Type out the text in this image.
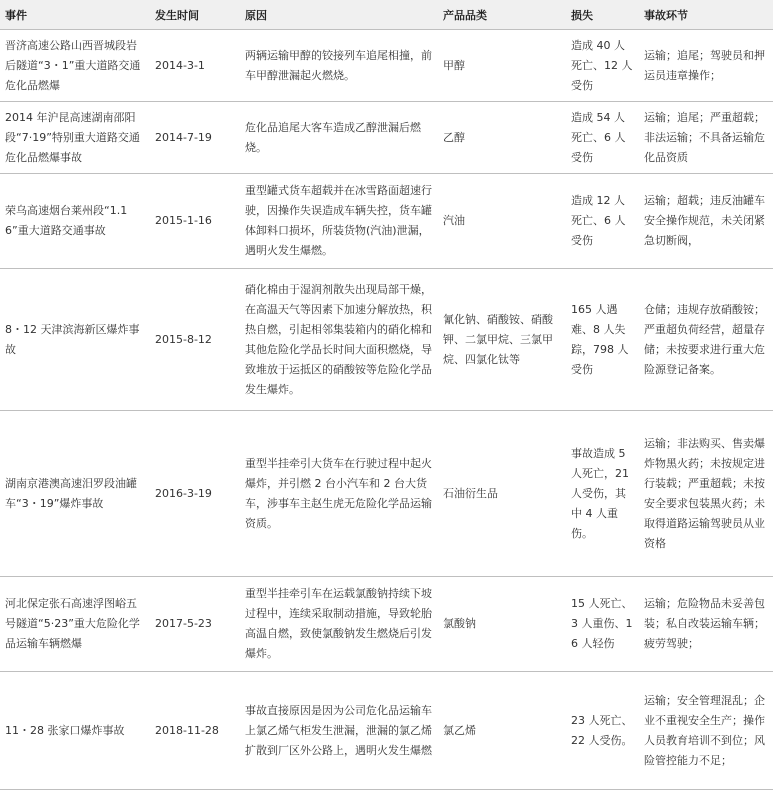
事件	发生时间	原因	产品品类	损失	事故环节
晋济高速公路山西晋城段岩后隧道“3・1”重大道路交通危化品燃爆	2014-3-1	两辆运输甲醇的铰接列车追尾相撞，前车甲醇泄漏起火燃烧。	甲醇	造成 40 人死亡、12 人受伤	运输；追尾；驾驶员和押运员违章操作；
2014 年沪昆高速湖南邵阳段“7·19”特别重大道路交通危化品燃爆事故	2014-7-19	危化品追尾大客车造成乙醇泄漏后燃烧。	乙醇	造成 54 人死亡、6 人受伤	运输；追尾；严重超载；非法运输；不具备运输危化品资质
荣乌高速烟台莱州段“1.16”重大道路交通事故	2015-1-16	重型罐式货车超载并在冰雪路面超速行驶，因操作失误造成车辆失控，货车罐体卸料口损坏，所装货物(汽油)泄漏，遇明火发生爆燃。	汽油	造成 12 人死亡、6 人受伤	运输；超载；违反油罐车安全操作规范，未关闭紧急切断阀，
8・12 天津滨海新区爆炸事故	2015-8-12	硝化棉由于湿润剂散失出现局部干燥，在高温天气等因素下加速分解放热，积热自燃，引起相邻集装箱内的硝化棉和其他危险化学品长时间大面积燃烧，导致堆放于运抵区的硝酸铵等危险化学品发生爆炸。	氰化钠、硝酸铵、硝酸钾、二氯甲烷、三氯甲烷、四氯化钛等	165 人遇难、8 人失踪，798 人受伤	仓储；违规存放硝酸铵；严重超负荷经营，超量存储；未按要求进行重大危险源登记备案。
湖南京港澳高速汨罗段油罐车“3・19”爆炸事故	2016-3-19	重型半挂牵引大货车在行驶过程中起火爆炸，并引燃 2 台小汽车和 2 台大货车，涉事车主赵生虎无危险化学品运输资质。	石油衍生品	事故造成 5 人死亡，21 人受伤，其中 4 人重伤。	运输；非法购买、售卖爆炸物黑火药；未按规定进行装载；严重超载；未按安全要求包装黑火药；未取得道路运输驾驶员从业资格
河北保定张石高速浮图峪五号隧道“5·23”重大危险化学品运输车辆燃爆	2017-5-23	重型半挂牵引车在运载氯酸钠持续下坡过程中，连续采取制动措施，导致轮胎高温自燃，致使氯酸钠发生燃烧后引发爆炸。	氯酸钠	15 人死亡、3 人重伤、16 人轻伤	运输；危险物品未妥善包装；私自改装运输车辆；疲劳驾驶；
11・28 张家口爆炸事故	2018-11-28	事故直接原因是因为公司危化品运输车上氯乙烯气柜发生泄漏，泄漏的氯乙烯扩散到厂区外公路上，遇明火发生爆燃	氯乙烯	23 人死亡、22 人受伤。	运输；安全管理混乱；企业不重视安全生产；操作人员教育培训不到位；风险管控能力不足；
